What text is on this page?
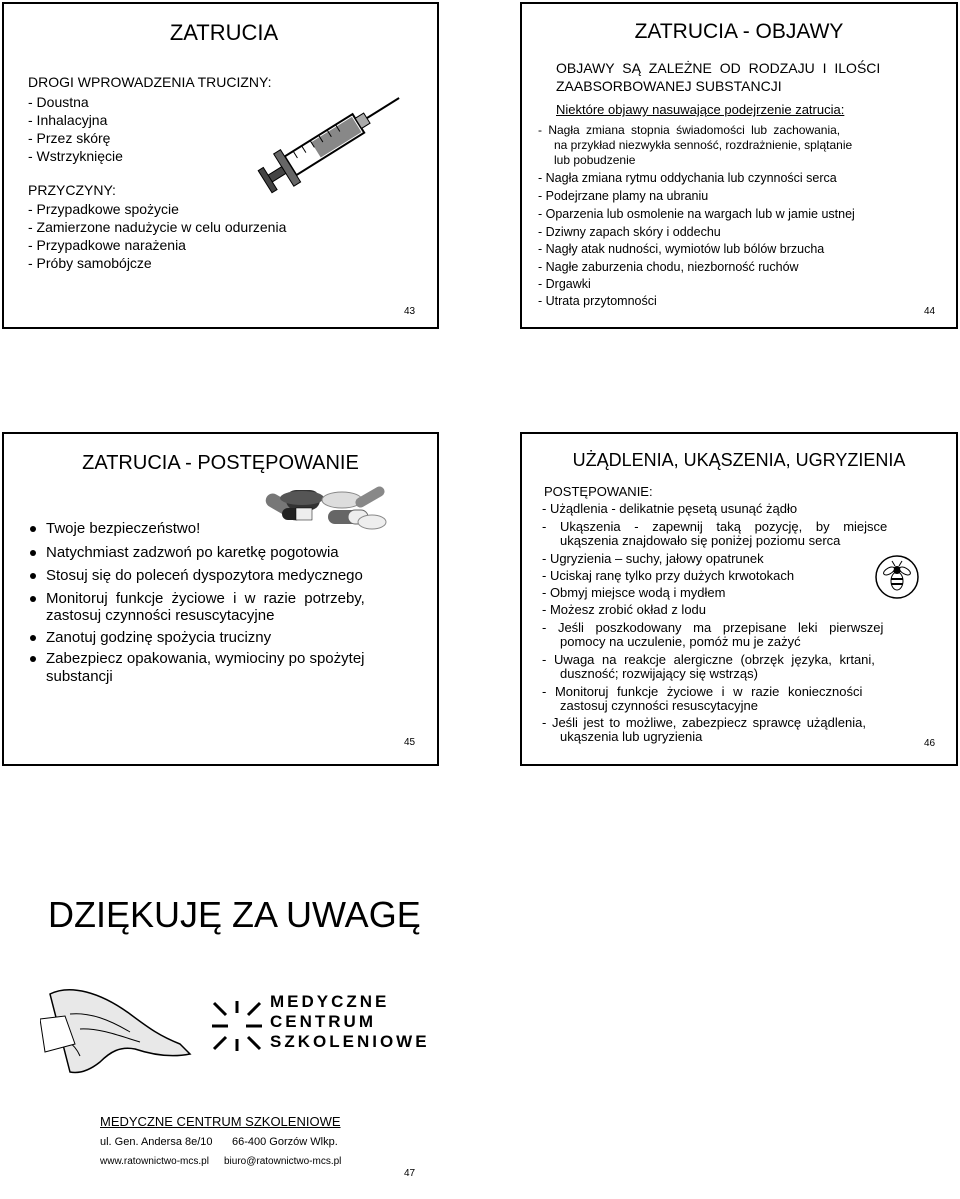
ZATRUCIA
DROGI WPROWADZENIA TRUCIZNY:
- Doustna
- Inhalacyjna
- Przez skórę
- Wstrzyknięcie
PRZYCZYNY:
- Przypadkowe spożycie
- Zamierzone nadużycie w celu odurzenia
- Przypadkowe narażenia
- Próby samobójcze
43
ZATRUCIA - OBJAWY
OBJAWY SĄ ZALEŻNE OD RODZAJU I ILOŚCI
ZAABSORBOWANEJ SUBSTANCJI
Niektóre objawy nasuwające podejrzenie zatrucia:
- Nagła zmiana stopnia świadomości lub zachowania,
na przykład niezwykła senność, rozdrażnienie, splątanie
lub pobudzenie
- Nagła zmiana rytmu oddychania lub czynności serca
- Podejrzane plamy na ubraniu
- Oparzenia lub osmolenie na wargach lub w jamie ustnej
- Dziwny zapach skóry i oddechu
- Nagły atak nudności, wymiotów lub bólów brzucha
- Nagłe zaburzenia chodu, niezborność ruchów
- Drgawki
- Utrata przytomności
44
ZATRUCIA - POSTĘPOWANIE
Twoje bezpieczeństwo!
Natychmiast zadzwoń po karetkę pogotowia
Stosuj się do poleceń dyspozytora medycznego
Monitoruj funkcje życiowe i w razie potrzeby,
zastosuj czynności resuscytacyjne
Zanotuj godzinę spożycia trucizny
Zabezpiecz opakowania, wymiociny po spożytej
substancji
45
UŻĄDLENIA, UKĄSZENIA, UGRYZIENIA
POSTĘPOWANIE:
- Użądlenia - delikatnie pęsetą usunąć żądło
- Ukąszenia - zapewnij taką pozycję, by miejsce
ukąszenia znajdowało się poniżej poziomu serca
- Ugryzienia – suchy, jałowy opatrunek
- Uciskaj ranę tylko przy dużych krwotokach
- Obmyj miejsce wodą i mydłem
- Możesz zrobić okład z lodu
- Jeśli poszkodowany ma przepisane leki pierwszej
pomocy na uczulenie, pomóż mu je zażyć
- Uwaga na reakcje alergiczne (obrzęk języka, krtani,
duszność; rozwijający się wstrząs)
- Monitoruj funkcje życiowe i w razie konieczności
zastosuj czynności resuscytacyjne
- Jeśli jest to możliwe, zabezpiecz sprawcę użądlenia,
ukąszenia lub ugryzienia	46
DZIĘKUJĘ ZA UWAGĘ
MEDYCZNE
CENTRUM
SZKOLENIOWE
MEDYCZNE CENTRUM SZKOLENIOWE
ul. Gen. Andersa 8e/10 66-400 Gorzów Wlkp.
www.ratownictwo-mcs.pl biuro@ratownictwo-mcs.pl
47
